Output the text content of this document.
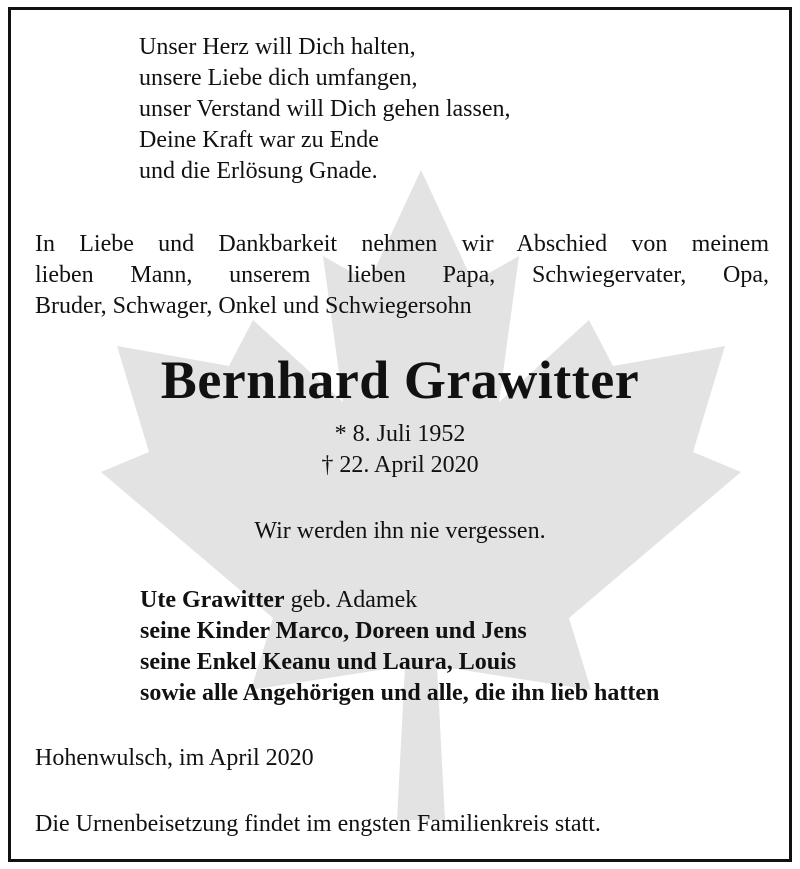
Unser Herz will Dich halten,
unsere Liebe dich umfangen,
unser Verstand will Dich gehen lassen,
Deine Kraft war zu Ende
und die Erlösung Gnade.
In Liebe und Dankbarkeit nehmen wir Abschied von meinem
lieben Mann, unserem lieben Papa, Schwiegervater, Opa,
Bruder, Schwager, Onkel und Schwiegersohn
Bernhard Grawitter
* 8. Juli 1952
† 22. April 2020
Wir werden ihn nie vergessen.
Ute Grawitter geb. Adamek
seine Kinder Marco, Doreen und Jens
seine Enkel Keanu und Laura, Louis
sowie alle Angehörigen und alle, die ihn lieb hatten
Hohenwulsch, im April 2020
Die Urnenbeisetzung findet im engsten Familienkreis statt.
